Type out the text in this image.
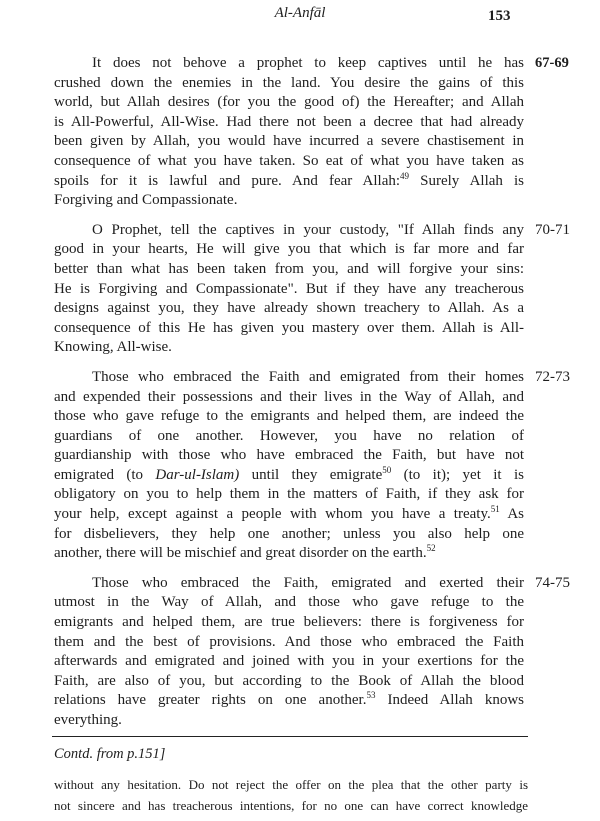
Al-Anfāl	153
It does not behove a prophet to keep captives until he has
crushed down the enemies in the land. You desire the gains of this
world, but Allah desires (for you the good of) the Hereafter; and Allah
is All-Powerful, All-Wise. Had there not been a decree that had already
been given by Allah, you would have incurred a severe chastisement in
consequence of what you have taken. So eat of what you have taken as
spoils for it is lawful and pure. And fear Allah:$^{49}$ Surely Allah is
Forgiving and Compassionate.
67-69
O Prophet, tell the captives in your custody, "If Allah finds any
good in your hearts, He will give you that which is far more and far
better than what has been taken from you, and will forgive your sins:
He is Forgiving and Compassionate". But if they have any treacherous
designs against you, they have already shown treachery to Allah. As a
consequence of this He has given you mastery over them. Allah is All-
Knowing, All-wise.
70-71
Those who embraced the Faith and emigrated from their homes
and expended their possessions and their lives in the Way of Allah, and
those who gave refuge to the emigrants and helped them, are indeed the
guardians of one another. However, you have no relation of
guardianship with those who have embraced the Faith, but have not
emigrated (to Dar-ul-Islam) until they emigrate$^{50}$ (to it); yet it is
obligatory on you to help them in the matters of Faith, if they ask for
your help, except against a people with whom you have a treaty.$^{51}$ As
for disbelievers, they help one another; unless you also help one
another, there will be mischief and great disorder on the earth.$^{52}$
72-73
Those who embraced the Faith, emigrated and exerted their
utmost in the Way of Allah, and those who gave refuge to the
emigrants and helped them, are true believers: there is forgiveness for
them and the best of provisions. And those who embraced the Faith
afterwards and emigrated and joined with you in your exertions for the
Faith, are also of you, but according to the Book of Allah the blood
relations have greater rights on one another.$^{53}$ Indeed Allah knows
everything.
74-75
Contd. from p.151]
without any hesitation. Do not reject the offer on the plea that the other party is
not sincere and has treacherous intentions, for no one can have correct knowledge
